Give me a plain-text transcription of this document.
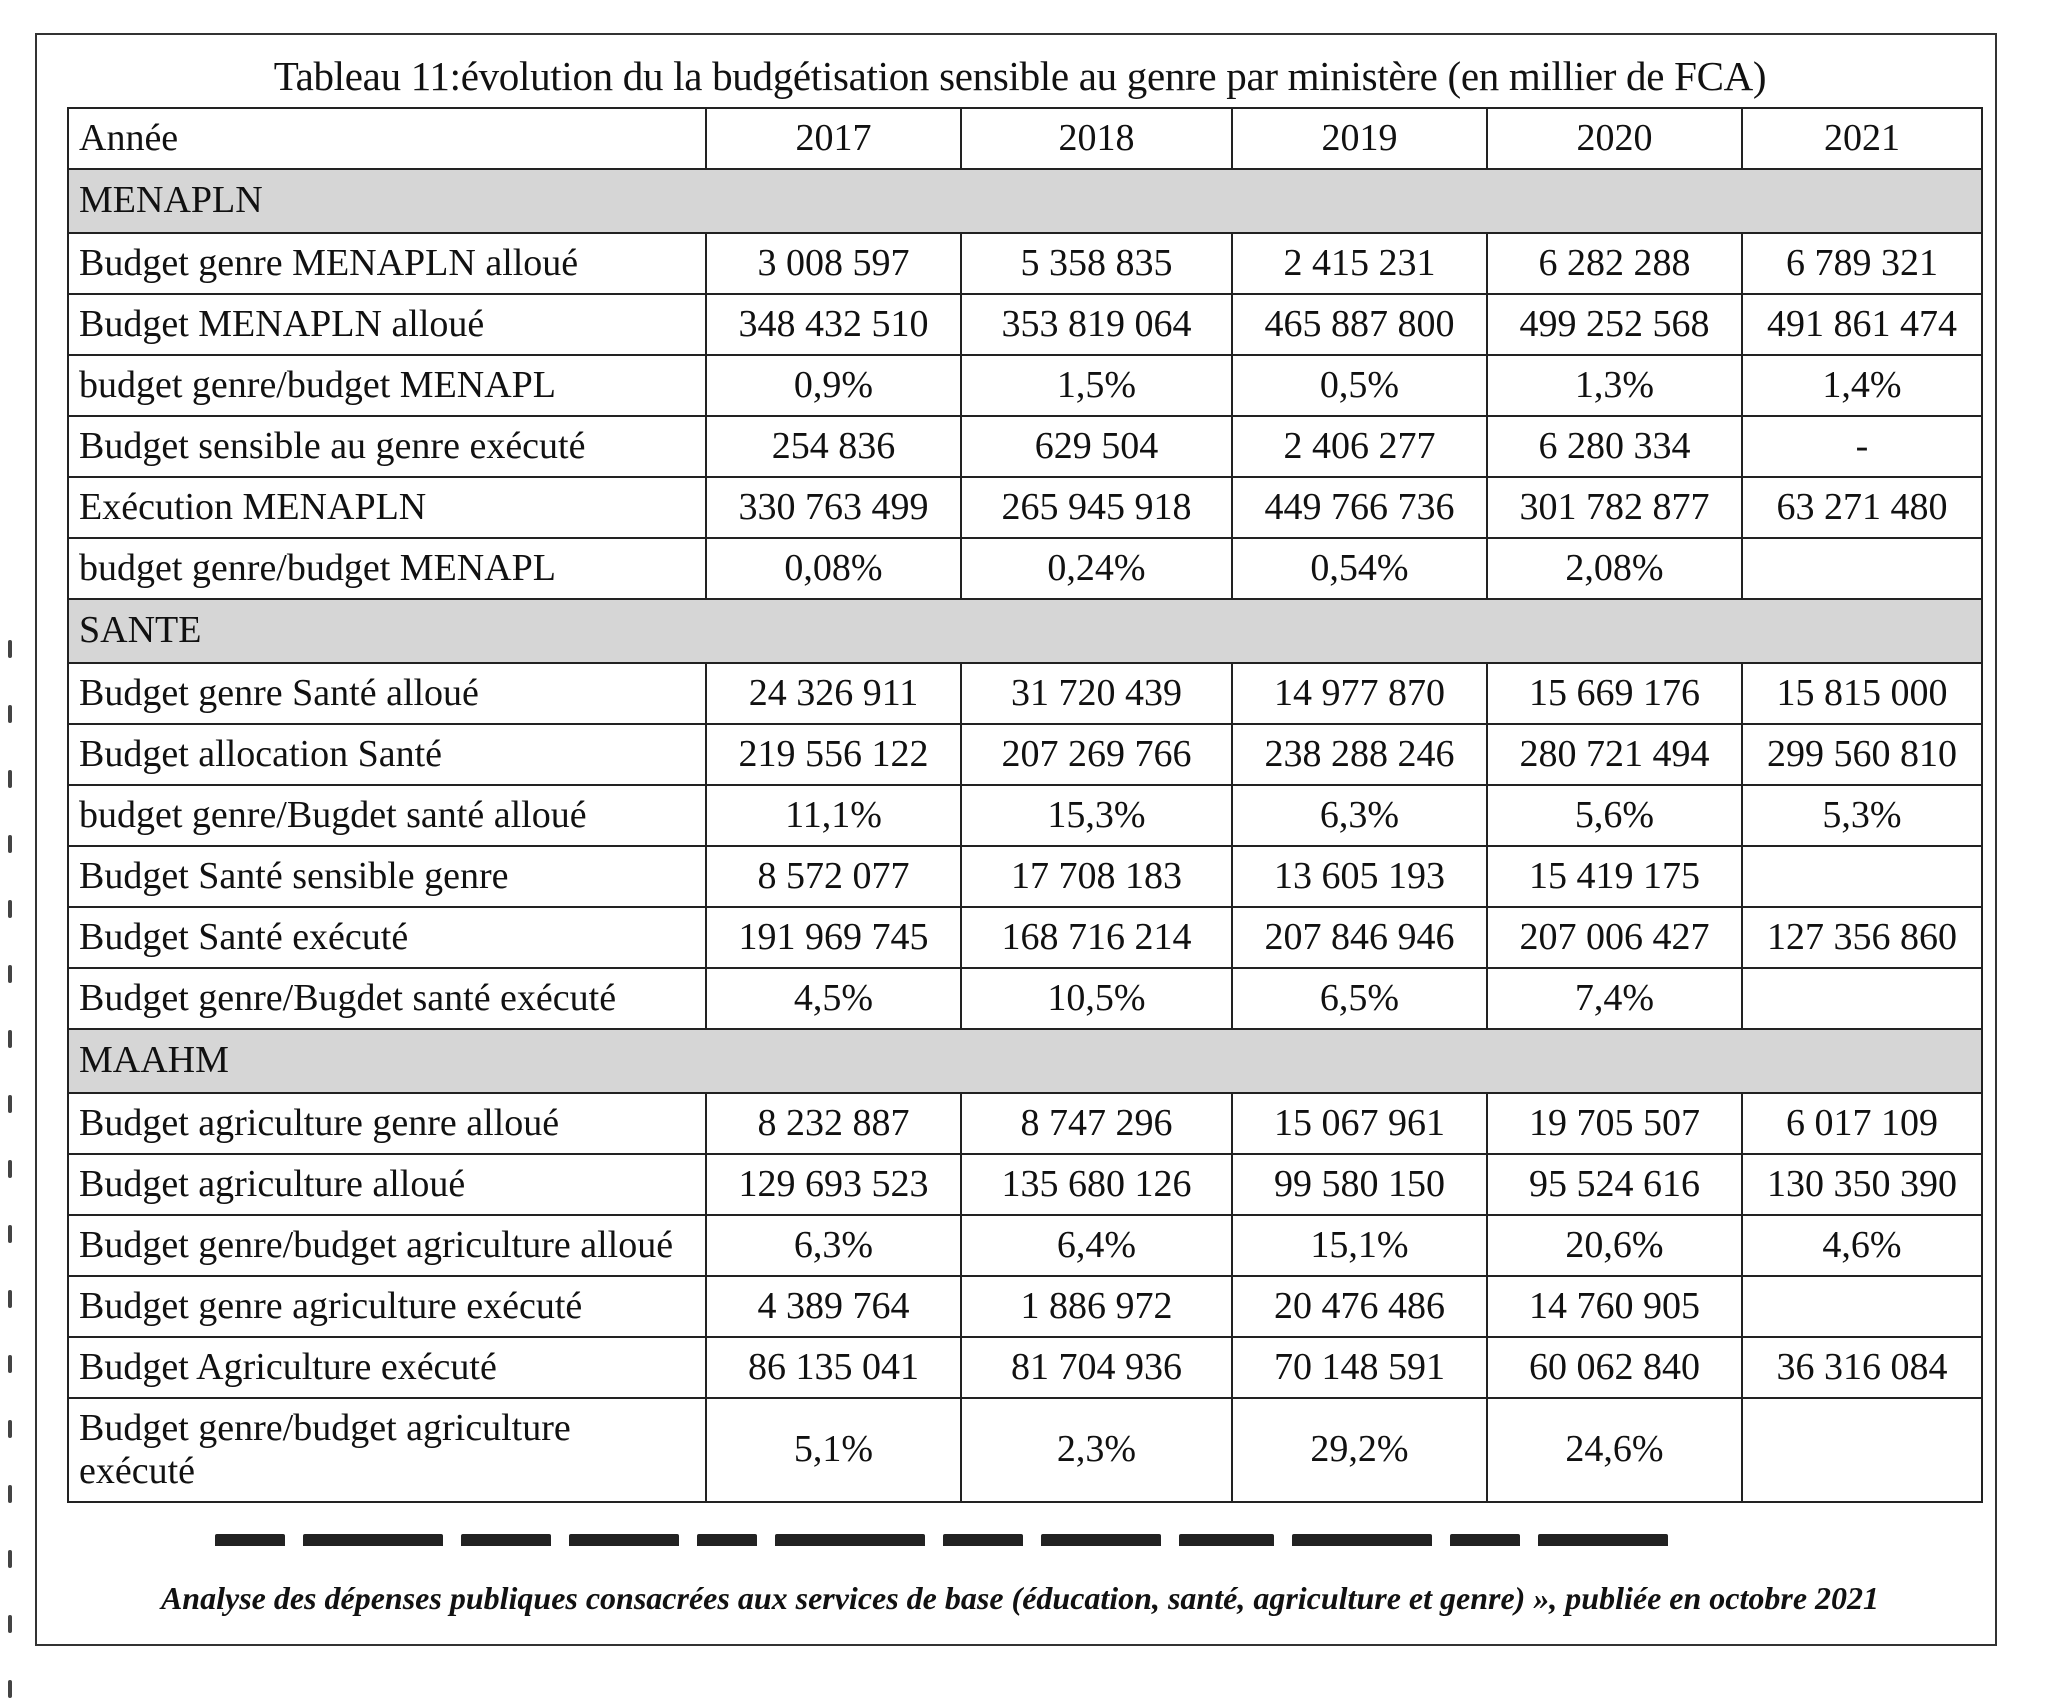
Tableau 11:évolution du la budgétisation sensible au genre par ministère (en millier de FCA)
Année	2017	2018	2019	2020	2021
MENAPLN					
Budget genre MENAPLN alloué	3 008 597	5 358 835	2 415 231	6 282 288	6 789 321
Budget MENAPLN alloué	348 432 510	353 819 064	465 887 800	499 252 568	491 861 474
budget genre/budget MENAPL	0,9%	1,5%	0,5%	1,3%	1,4%
Budget sensible au genre exécuté	254 836	629 504	2 406 277	6 280 334	-
Exécution MENAPLN	330 763 499	265 945 918	449 766 736	301 782 877	63 271 480
budget genre/budget MENAPL	0,08%	0,24%	0,54%	2,08%	
SANTE					
Budget genre Santé alloué	24 326 911	31 720 439	14 977 870	15 669 176	15 815 000
Budget allocation Santé	219 556 122	207 269 766	238 288 246	280 721 494	299 560 810
budget genre/Bugdet santé alloué	11,1%	15,3%	6,3%	5,6%	5,3%
Budget Santé sensible genre	8 572 077	17 708 183	13 605 193	15 419 175	
Budget Santé exécuté	191 969 745	168 716 214	207 846 946	207 006 427	127 356 860
Budget genre/Bugdet santé exécuté	4,5%	10,5%	6,5%	7,4%	
MAAHM					
Budget agriculture genre alloué	8 232 887	8 747 296	15 067 961	19 705 507	6 017 109
Budget agriculture alloué	129 693 523	135 680 126	99 580 150	95 524 616	130 350 390
Budget genre/budget agriculture alloué	6,3%	6,4%	15,1%	20,6%	4,6%
Budget genre agriculture exécuté	4 389 764	1 886 972	20 476 486	14 760 905	
Budget Agriculture exécuté	86 135 041	81 704 936	70 148 591	60 062 840	36 316 084
Budget genre/budget agriculture exécuté	5,1%	2,3%	29,2%	24,6%	
Analyse des dépenses publiques consacrées aux services de base (éducation, santé, agriculture et genre) », publiée en octobre 2021
